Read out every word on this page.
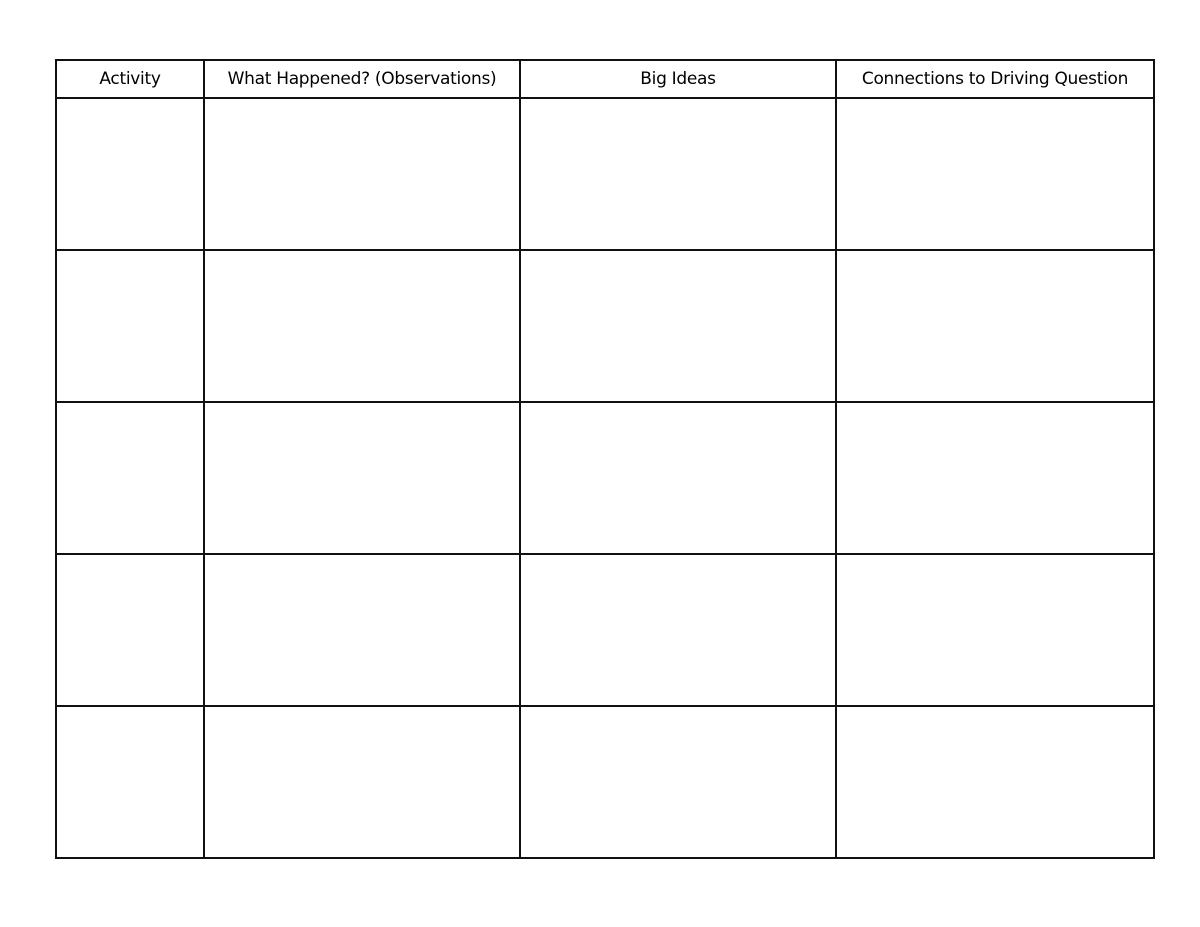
Activity	What Happened? (Observations)	Big Ideas	Connections to Driving Question
